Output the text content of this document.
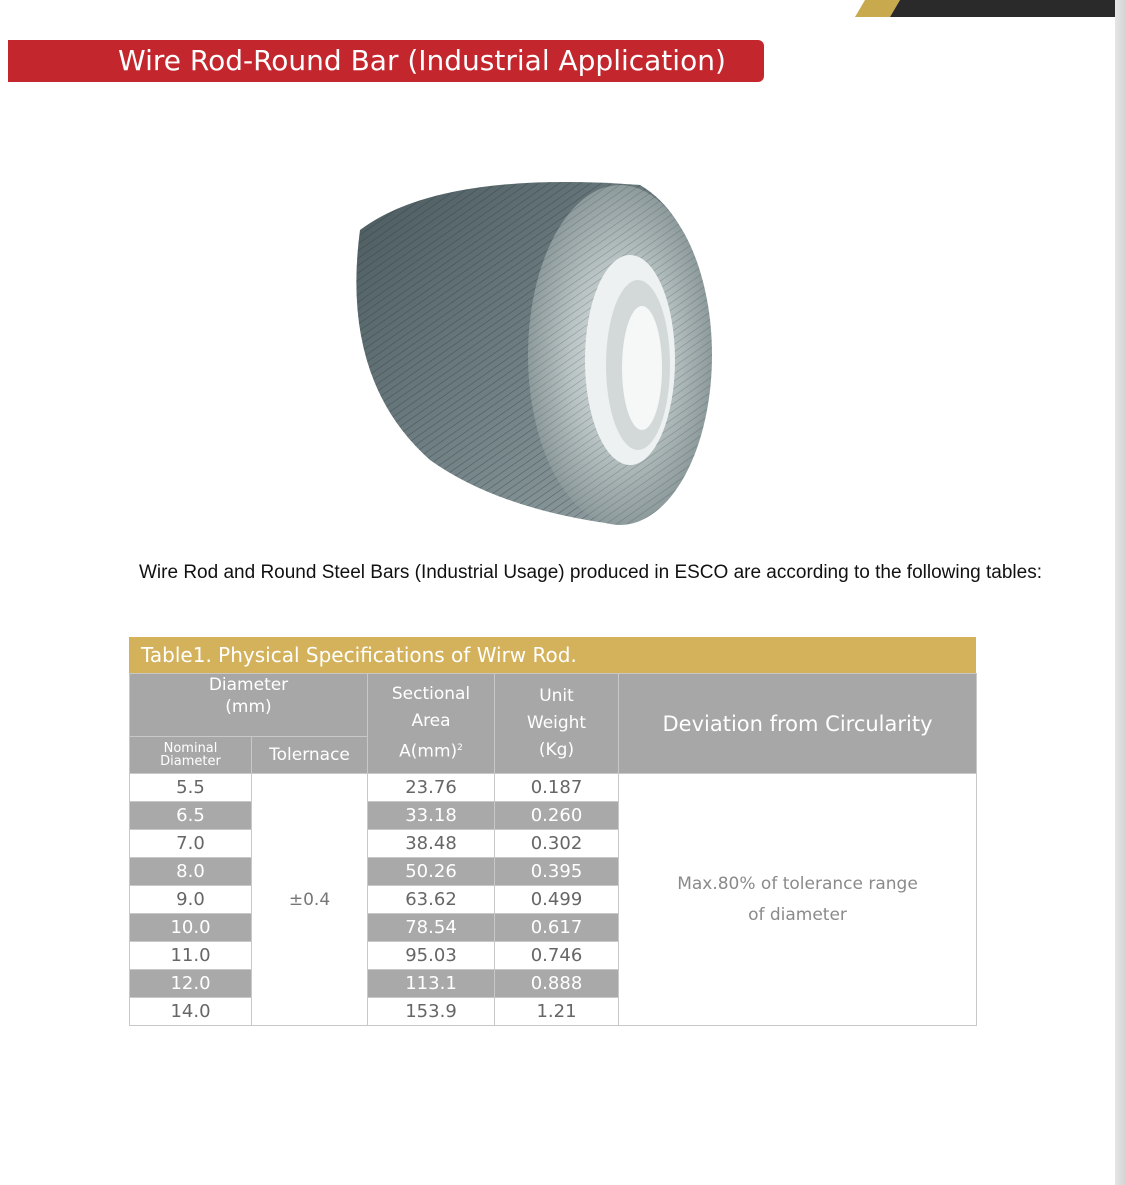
Wire Rod-Round Bar (Industrial Application)
Wire Rod and Round Steel Bars (Industrial Usage) produced in ESCO are according to the following tables:
Table1. Physical Specifications of Wirw Rod.
Diameter
(mm)		Sectional
Area
A(mm)$^2$	Unit
Weight
(Kg)	Deviation from Circularity
Nominal
Diameter	Tolernace			
5.5	±0.4	23.76	0.187	Max.80% of tolerance range
of diameter
6.5		33.18	0.260	
7.0		38.48	0.302	
8.0		50.26	0.395	
9.0		63.62	0.499	
10.0		78.54	0.617	
11.0		95.03	0.746	
12.0		113.1	0.888	
14.0		153.9	1.21	
